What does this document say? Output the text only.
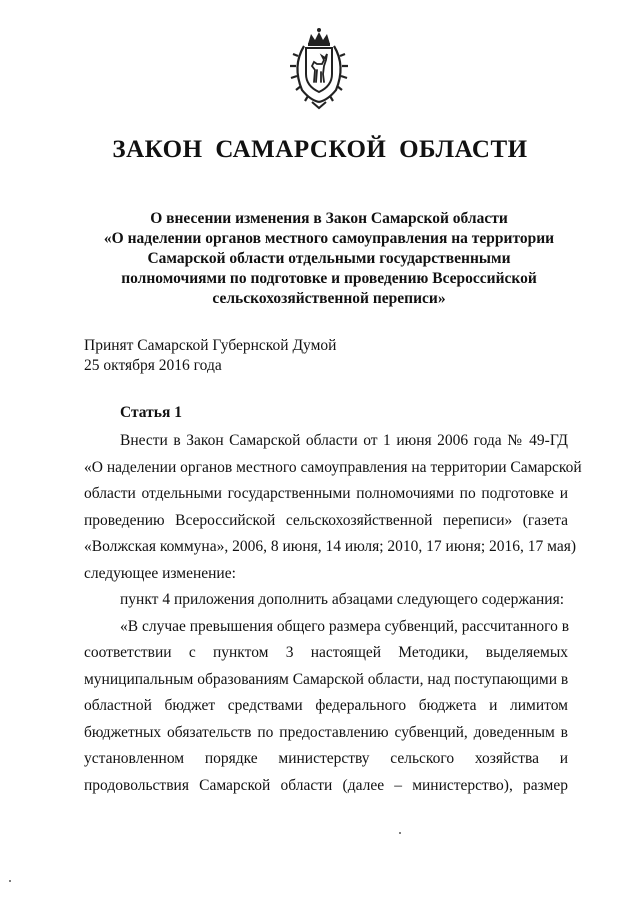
ЗАКОН САМАРСКОЙ ОБЛАСТИ
О внесении изменения в Закон Самарской области
«О наделении органов местного самоуправления на территории
Самарской области отдельными государственными
полномочиями по подготовке и проведению Всероссийской
сельскохозяйственной переписи»
Принят Самарской Губернской Думой
25 октября 2016 года
Статья 1
Внести в Закон Самарской области от 1 июня 2006 года № 49-ГД
«О наделении органов местного самоуправления на территории Самарской
области отдельными государственными полномочиями по подготовке и
проведению Всероссийской сельскохозяйственной переписи» (газета
«Волжская коммуна», 2006, 8 июня, 14 июля; 2010, 17 июня; 2016, 17 мая)
следующее изменение:
пункт 4 приложения дополнить абзацами следующего содержания:
«В случае превышения общего размера субвенций, рассчитанного в
соответствии с пунктом 3 настоящей Методики, выделяемых
муниципальным образованиям Самарской области, над поступающими в
областной бюджет средствами федерального бюджета и лимитом
бюджетных обязательств по предоставлению субвенций, доведенным в
установленном порядке министерству сельского хозяйства и
продовольствия Самарской области (далее – министерство), размер
